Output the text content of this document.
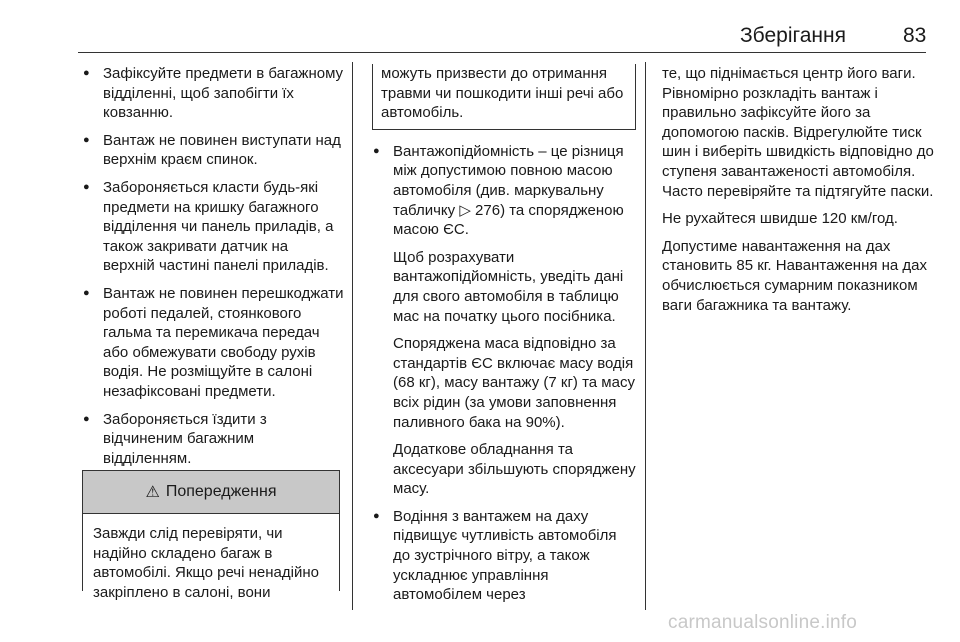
Зберігання	83
● Зафіксуйте предмети в багажному відділенні, щоб запобігти їх ковзанню.
● Вантаж не повинен виступати над верхнім краєм спинок.
● Забороняється класти будь-які предмети на кришку багажного відділення чи панель приладів, а також закривати датчик на верхній частині панелі приладів.
● Вантаж не повинен перешкоджати роботі педалей, стоянкового гальма та перемикача передач або обмежувати свободу рухів водія. Не розміщуйте в салоні незафіксовані предмети.
● Забороняється їздити з відчиненим багажним відділенням.
⚠ Попередження
Завжди слід перевіряти, чи надійно складено багаж в автомобілі. Якщо речі ненадійно закріплено в салоні, вони
можуть призвести до отримання травми чи пошкодити інші речі або автомобіль.
● Вантажопідйомність – це різниця між допустимою повною масою автомобіля (див. маркувальну табличку ▷ 276) та спорядженою масою ЄС.
Щоб розрахувати вантажопідйомність, уведіть дані для свого автомобіля в таблицю мас на початку цього посібника.
Споряджена маса відповідно за стандартів ЄС включає масу водія (68 кг), масу вантажу (7 кг) та масу всіх рідин (за умови заповнення паливного бака на 90%).
Додаткове обладнання та аксесуари збільшують споряджену масу.
● Водіння з вантажем на даху підвищує чутливість автомобіля до зустрічного вітру, а також ускладнює управління автомобілем через
те, що піднімається центр його ваги. Рівномірно розкладіть вантаж і правильно зафіксуйте його за допомогою пасків. Відрегулюйте тиск шин і виберіть швидкість відповідно до ступеня завантаженості автомобіля. Часто перевіряйте та підтягуйте паски.
Не рухайтеся швидше 120 км/год.
Допустиме навантаження на дах становить 85 кг. Навантаження на дах обчислюється сумарним показником ваги багажника та вантажу.
carmanualsonline.info
